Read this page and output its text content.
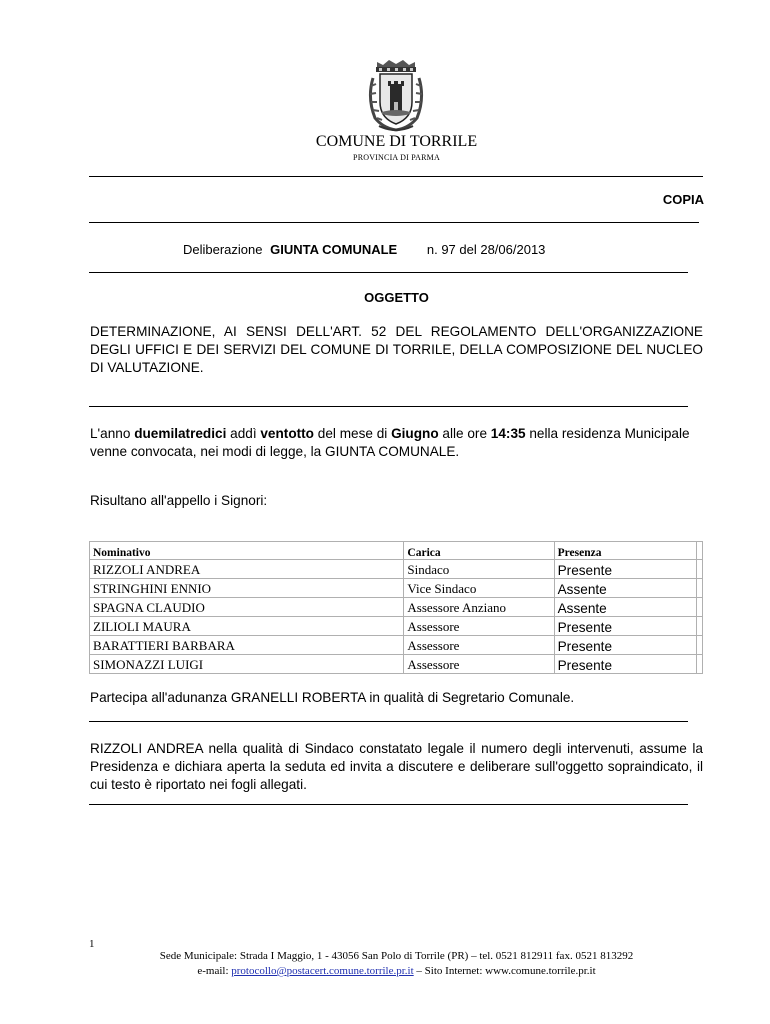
COMUNE DI TORRILE
PROVINCIA DI PARMA
COPIA
Deliberazione GIUNTA COMUNALE n. 97 del 28/06/2013
OGGETTO
DETERMINAZIONE, AI SENSI DELL'ART. 52 DEL REGOLAMENTO DELL'ORGANIZZAZIONE DEGLI UFFICI E DEI SERVIZI DEL COMUNE DI TORRILE, DELLA COMPOSIZIONE DEL NUCLEO DI VALUTAZIONE.
L'anno duemilatredici addì ventotto del mese di Giugno alle ore 14:35 nella residenza Municipale venne convocata, nei modi di legge, la GIUNTA COMUNALE.
Risultano all'appello i Signori:
Nominativo	Carica	Presenza	
RIZZOLI ANDREA	Sindaco	Presente	
STRINGHINI ENNIO	Vice Sindaco	Assente	
SPAGNA CLAUDIO	Assessore Anziano	Assente	
ZILIOLI MAURA	Assessore	Presente	
BARATTIERI BARBARA	Assessore	Presente	
SIMONAZZI LUIGI	Assessore	Presente	
Partecipa all'adunanza GRANELLI ROBERTA in qualità di Segretario Comunale.
RIZZOLI ANDREA nella qualità di Sindaco constatato legale il numero degli intervenuti, assume la Presidenza e dichiara aperta la seduta ed invita a discutere e deliberare sull'oggetto sopraindicato, il cui testo è riportato nei fogli allegati.
1
Sede Municipale: Strada I Maggio, 1 - 43056 San Polo di Torrile (PR) – tel. 0521 812911 fax. 0521 813292
e-mail: protocollo@postacert.comune.torrile.pr.it – Sito Internet: www.comune.torrile.pr.it
